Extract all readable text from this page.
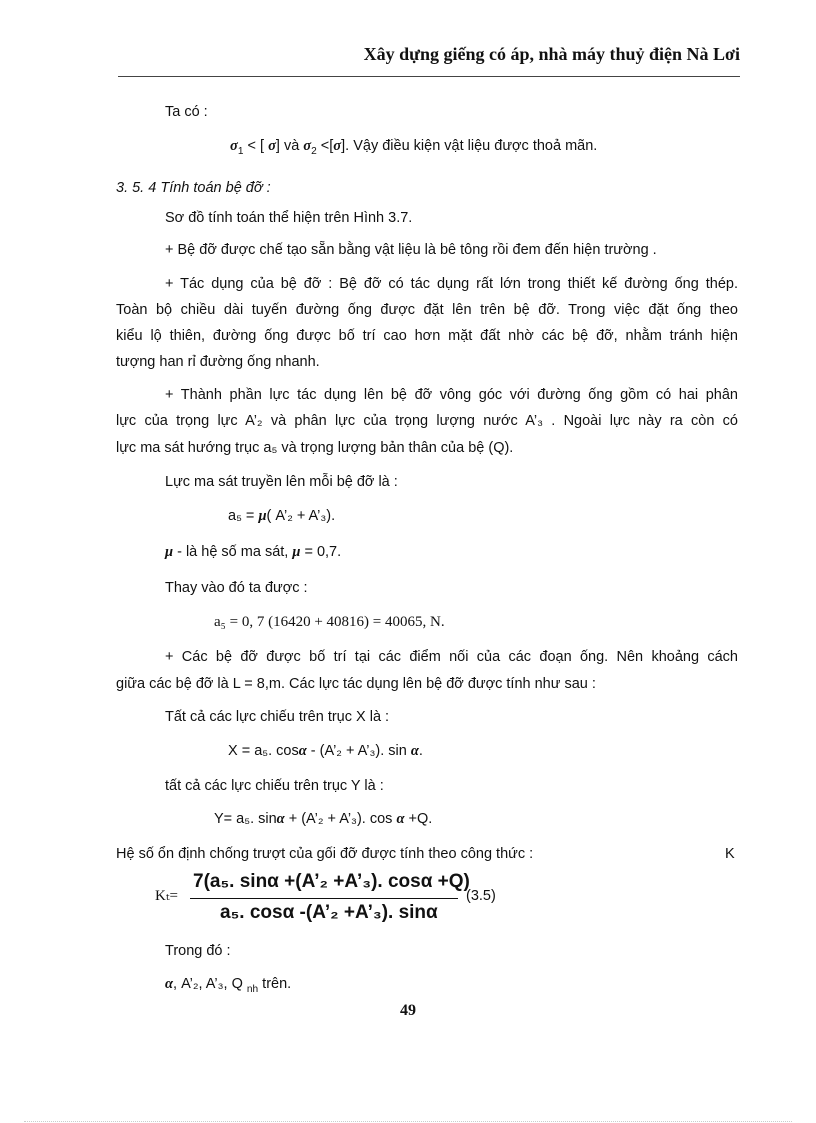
Xây dựng giếng có áp, nhà máy thuỷ điện Nà Lơi
Ta có :
$\sigma_1$ < [ σ] và $\sigma_2 <[\sigma]$. Vậy điều kiện vật liệu được thoả mãn.
3. 5. 4 Tính toán bệ đỡ :
Sơ đồ tính toán thể hiện trên Hình 3.7.
+ Bệ đỡ được chế tạo sẵn bằng vật liệu là bê tông rồi đem đến hiện trường .
+ Tác dụng của bệ đỡ : Bệ đỡ có tác dụng rất lớn trong thiết kế đường ống thép.
Toàn bộ chiều dài tuyến đường ống được đặt lên trên bệ đỡ. Trong việc đặt ống theo
kiểu lộ thiên, đường ống được bố trí cao hơn mặt đất nhờ các bệ đỡ, nhằm tránh hiện
tượng han rỉ đường ống nhanh.
+ Thành phần lực tác dụng lên bệ đỡ vông góc với đường ống gồm có hai phân
lực của trọng lực A’₂ và phân lực của trọng lượng nước A’₃ . Ngoài lực này ra còn có
lực ma sát hướng trục a₅ và trọng lượng bản thân của bệ (Q).
Lực ma sát truyền lên mỗi bệ đỡ là :
a₅ = μ( A’₂ + A’₃).
μ - là hệ số ma sát, μ = 0,7.
Thay vào đó ta được :
a₅ = 0, 7 (16420 + 40816) = 40065, N.
+ Các bệ đỡ được bố trí tại các điểm nối của các đoạn ống. Nên khoảng cách
giữa các bệ đỡ là L = 8,m. Các lực tác dụng lên bệ đỡ được tính như sau :
Tất cả các lực chiếu trên trục X là :
X = a₅. cosα - (A’₂ + A’₃). sin α.
tất cả các lực chiếu trên trục Y là :
Y= a₅. sinα + (A’₂ + A’₃). cos α +Q.
Hệ số ổn định chống trượt của gối đỡ được tính theo công thức :	K
Kₜ=
7(a₅. sinα +(A’₂ +A’₃). cosα +Q)
a₅. cosα -(A’₂ +A’₃). sinα
(3.5)
Trong đó :
α, A’₂, A’₃, Q $_{nh}$ trên.
49
